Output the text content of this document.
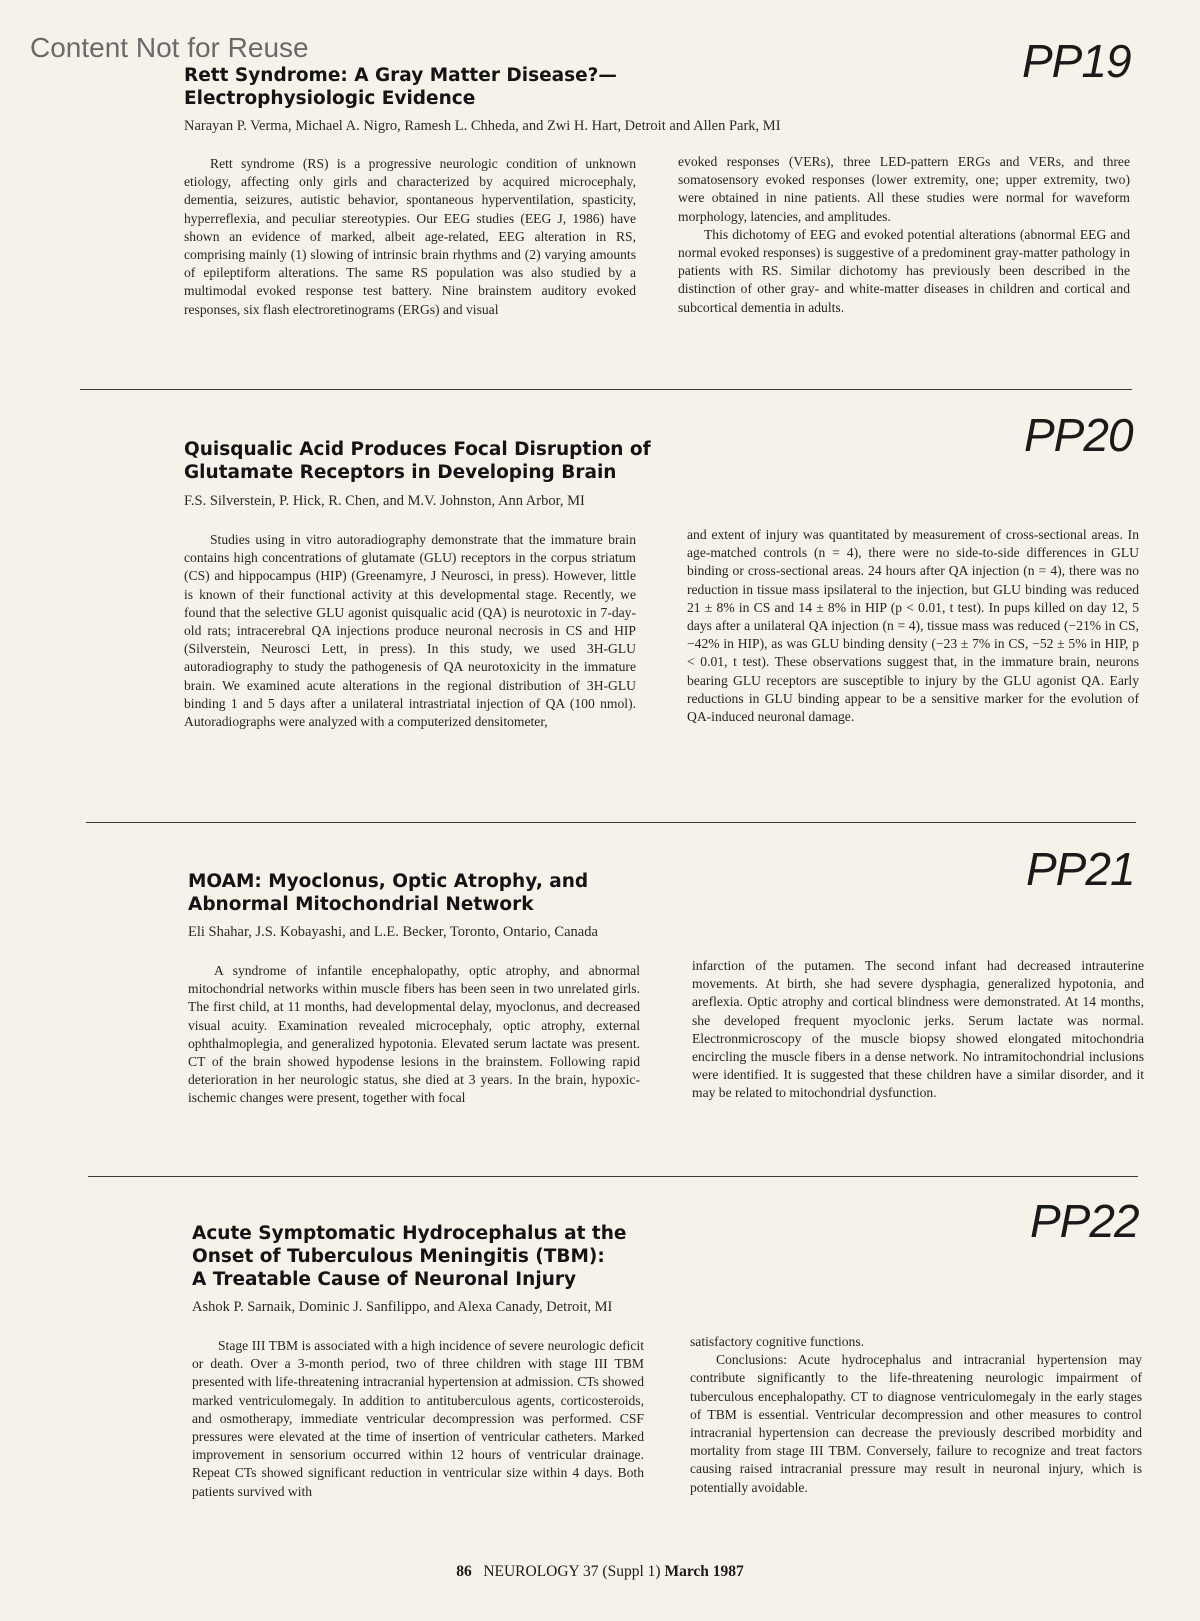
Content Not for Reuse	PP19
Rett Syndrome: A Gray Matter Disease?—
Electrophysiologic Evidence
Narayan P. Verma, Michael A. Nigro, Ramesh L. Chheda, and Zwi H. Hart, Detroit and Allen Park, MI

Rett syndrome (RS) is a progressive neurologic condition of unknown etiology, affecting only girls and characterized by acquired microcephaly, dementia, seizures, autistic behavior, spontaneous hyperventilation, spasticity, hyperreflexia, and peculiar stereotypies. Our EEG studies (EEG J, 1986) have shown an evidence of marked, albeit age-related, EEG alteration in RS, comprising mainly (1) slowing of intrinsic brain rhythms and (2) varying amounts of epileptiform alterations. The same RS population was also studied by a multimodal evoked response test battery. Nine brainstem auditory evoked responses, six flash electroretinograms (ERGs) and visual

evoked responses (VERs), three LED-pattern ERGs and VERs, and three somatosensory evoked responses (lower extremity, one; upper extremity, two) were obtained in nine patients. All these studies were normal for waveform morphology, latencies, and amplitudes.

This dichotomy of EEG and evoked potential alterations (abnormal EEG and normal evoked responses) is suggestive of a predominent gray-matter pathology in patients with RS. Similar dichotomy has previously been described in the distinction of other gray- and white-matter diseases in children and cortical and subcortical dementia in adults.

PP20
Quisqualic Acid Produces Focal Disruption of
Glutamate Receptors in Developing Brain
F.S. Silverstein, P. Hick, R. Chen, and M.V. Johnston, Ann Arbor, MI

Studies using in vitro autoradiography demonstrate that the immature brain contains high concentrations of glutamate (GLU) receptors in the corpus striatum (CS) and hippocampus (HIP) (Greenamyre, J Neurosci, in press). However, little is known of their functional activity at this developmental stage. Recently, we found that the selective GLU agonist quisqualic acid (QA) is neurotoxic in 7-day-old rats; intracerebral QA injections produce neuronal necrosis in CS and HIP (Silverstein, Neurosci Lett, in press). In this study, we used 3H-GLU autoradiography to study the pathogenesis of QA neurotoxicity in the immature brain. We examined acute alterations in the regional distribution of 3H-GLU binding 1 and 5 days after a unilateral intrastriatal injection of QA (100 nmol). Autoradiographs were analyzed with a computerized densitometer,

and extent of injury was quantitated by measurement of cross-sectional areas. In age-matched controls (n = 4), there were no side-to-side differences in GLU binding or cross-sectional areas. 24 hours after QA injection (n = 4), there was no reduction in tissue mass ipsilateral to the injection, but GLU binding was reduced 21 ± 8% in CS and 14 ± 8% in HIP (p < 0.01, t test). In pups killed on day 12, 5 days after a unilateral QA injection (n = 4), tissue mass was reduced (−21% in CS, −42% in HIP), as was GLU binding density (−23 ± 7% in CS, −52 ± 5% in HIP, p < 0.01, t test). These observations suggest that, in the immature brain, neurons bearing GLU receptors are susceptible to injury by the GLU agonist QA. Early reductions in GLU binding appear to be a sensitive marker for the evolution of QA-induced neuronal damage.

PP21
MOAM: Myoclonus, Optic Atrophy, and
Abnormal Mitochondrial Network
Eli Shahar, J.S. Kobayashi, and L.E. Becker, Toronto, Ontario, Canada

A syndrome of infantile encephalopathy, optic atrophy, and abnormal mitochondrial networks within muscle fibers has been seen in two unrelated girls. The first child, at 11 months, had developmental delay, myoclonus, and decreased visual acuity. Examination revealed microcephaly, optic atrophy, external ophthalmoplegia, and generalized hypotonia. Elevated serum lactate was present. CT of the brain showed hypodense lesions in the brainstem. Following rapid deterioration in her neurologic status, she died at 3 years. In the brain, hypoxic-ischemic changes were present, together with focal

infarction of the putamen. The second infant had decreased intrauterine movements. At birth, she had severe dysphagia, generalized hypotonia, and areflexia. Optic atrophy and cortical blindness were demonstrated. At 14 months, she developed frequent myoclonic jerks. Serum lactate was normal. Electronmicroscopy of the muscle biopsy showed elongated mitochondria encircling the muscle fibers in a dense network. No intramitochondrial inclusions were identified. It is suggested that these children have a similar disorder, and it may be related to mitochondrial dysfunction.

PP22
Acute Symptomatic Hydrocephalus at the
Onset of Tuberculous Meningitis (TBM):
A Treatable Cause of Neuronal Injury
Ashok P. Sarnaik, Dominic J. Sanfilippo, and Alexa Canady, Detroit, MI

Stage III TBM is associated with a high incidence of severe neurologic deficit or death. Over a 3-month period, two of three children with stage III TBM presented with life-threatening intracranial hypertension at admission. CTs showed marked ventriculomegaly. In addition to antituberculous agents, corticosteroids, and osmotherapy, immediate ventricular decompression was performed. CSF pressures were elevated at the time of insertion of ventricular catheters. Marked improvement in sensorium occurred within 12 hours of ventricular drainage. Repeat CTs showed significant reduction in ventricular size within 4 days. Both patients survived with

satisfactory cognitive functions.

Conclusions: Acute hydrocephalus and intracranial hypertension may contribute significantly to the life-threatening neurologic impairment of tuberculous encephalopathy. CT to diagnose ventriculomegaly in the early stages of TBM is essential. Ventricular decompression and other measures to control intracranial hypertension can decrease the previously described morbidity and mortality from stage III TBM. Conversely, failure to recognize and treat factors causing raised intracranial pressure may result in neuronal injury, which is potentially avoidable.

86 NEUROLOGY 37 (Suppl 1) March 1987
